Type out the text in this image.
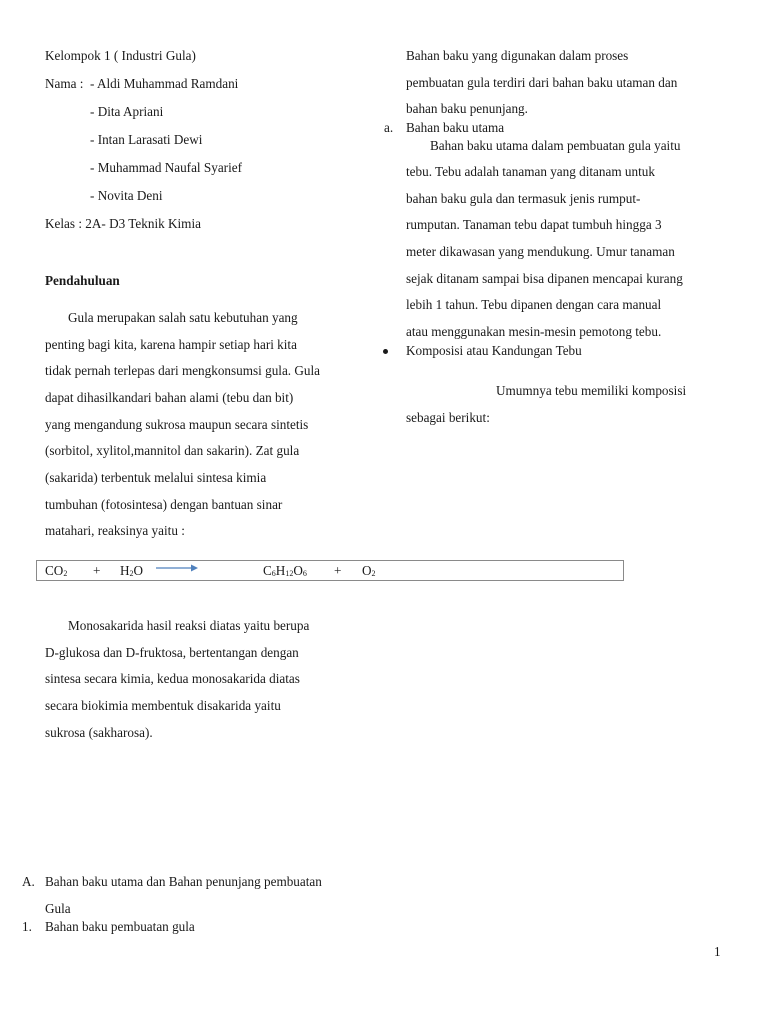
Kelompok 1 ( Industri Gula)
Nama : - Aldi Muhammad Ramdani
- Dita Apriani
- Intan Larasati Dewi
- Muhammad Naufal Syarief
- Novita Deni
Kelas : 2A- D3 Teknik Kimia
Pendahuluan
Gula merupakan salah satu kebutuhan yang
penting bagi kita, karena hampir setiap hari kita
tidak pernah terlepas dari mengkonsumsi gula. Gula
dapat dihasilkandari bahan alami (tebu dan bit)
yang mengandung sukrosa maupun secara sintetis
(sorbitol, xylitol,mannitol dan sakarin). Zat gula
(sakarida) terbentuk melalui sintesa kimia
tumbuhan (fotosintesa) dengan bantuan sinar
matahari, reaksinya yaitu :
$CO_2 + H_2O$ →	$C_6H_{12}O_6 + O_2$
Monosakarida hasil reaksi diatas yaitu berupa
D-glukosa dan D-fruktosa, bertentangan dengan
sintesa secara kimia, kedua monosakarida diatas
secara biokimia membentuk disakarida yaitu
sukrosa (sakharosa).
A. Bahan baku utama dan Bahan penunjang pembuatan
Gula
1. Bahan baku pembuatan gula
Bahan baku yang digunakan dalam proses
pembuatan gula terdiri dari bahan baku utaman dan
bahan baku penunjang.
a. Bahan baku utama
Bahan baku utama dalam pembuatan gula yaitu
tebu. Tebu adalah tanaman yang ditanam untuk
bahan baku gula dan termasuk jenis rumput-
rumputan. Tanaman tebu dapat tumbuh hingga 3
meter dikawasan yang mendukung. Umur tanaman
sejak ditanam sampai bisa dipanen mencapai kurang
lebih 1 tahun. Tebu dipanen dengan cara manual
atau menggunakan mesin-mesin pemotong tebu.
Komposisi atau Kandungan Tebu
Umumnya tebu memiliki komposisi
sebagai berikut:
1
